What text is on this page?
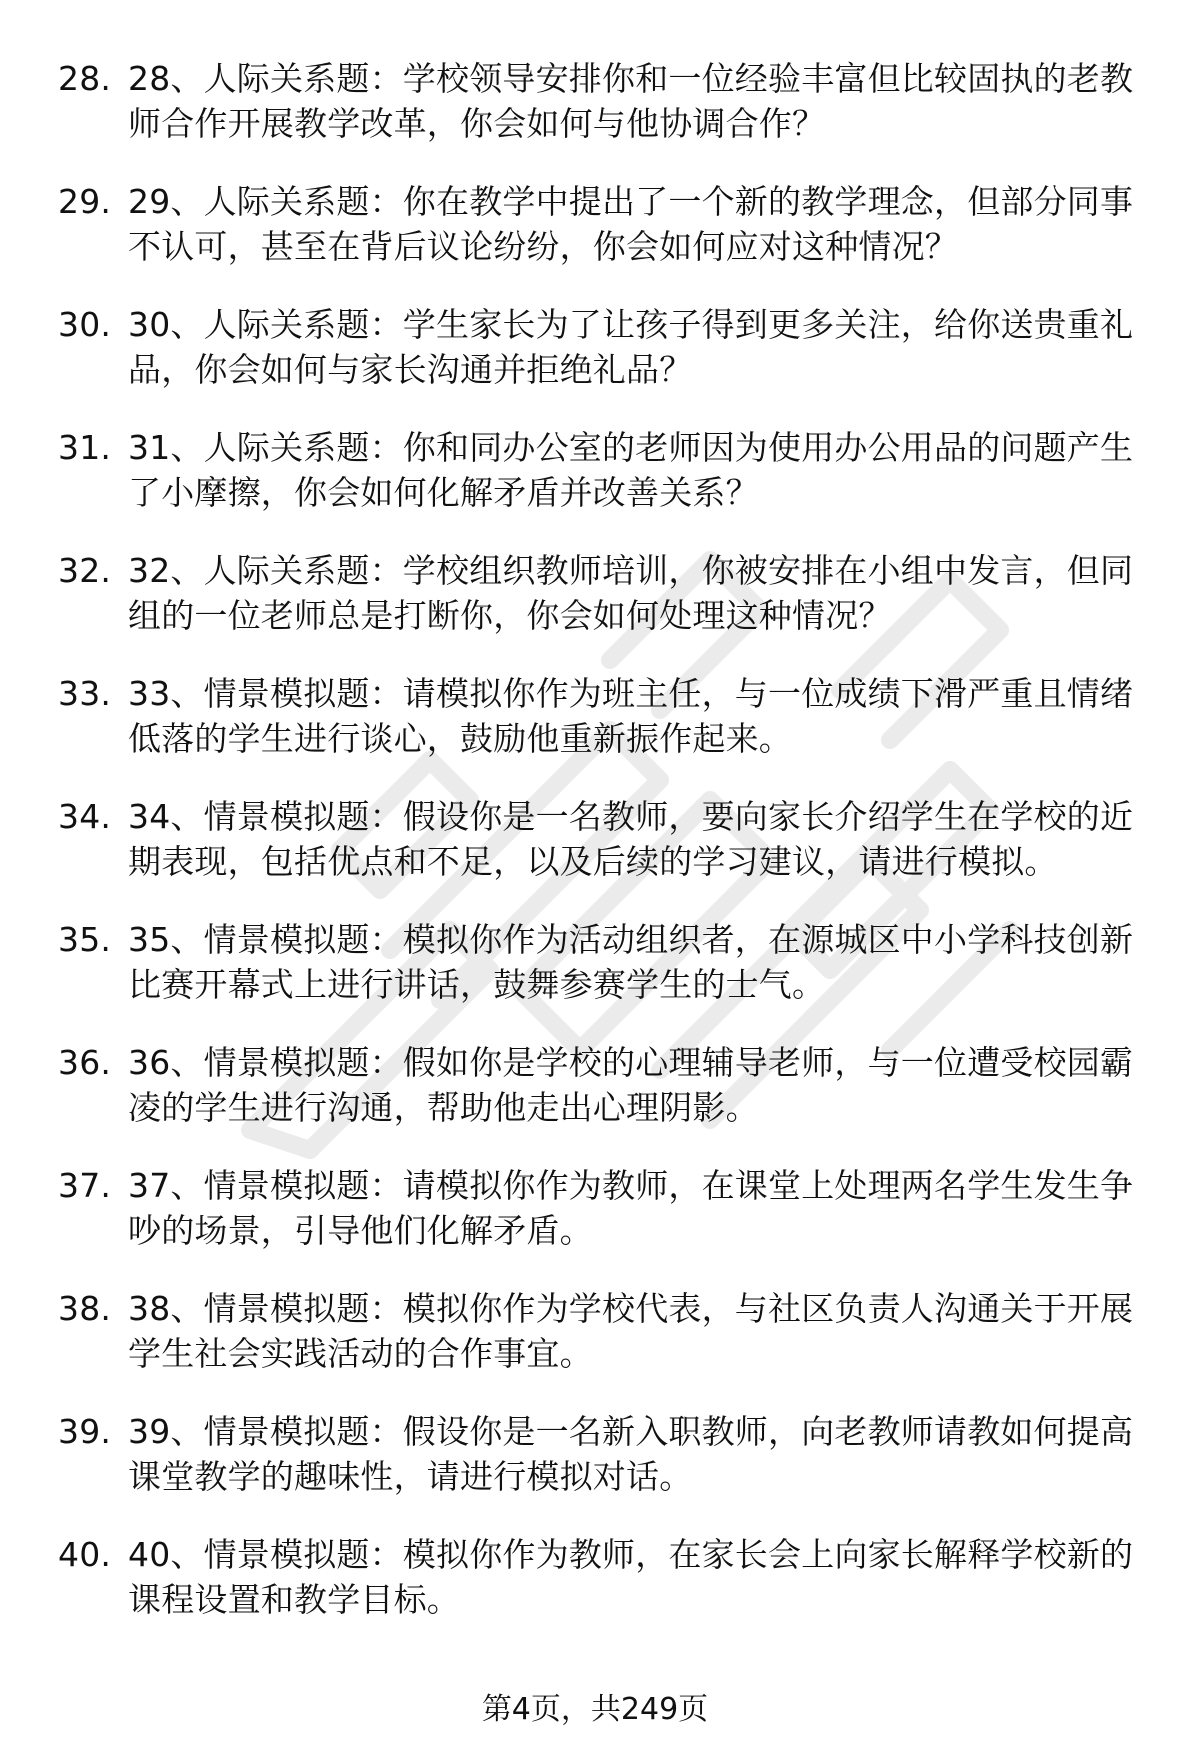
28. 28、人际关系题：学校领导安排你和一位经验丰富但比较固执的老教师合作开展教学改革，你会如何与他协调合作？
29. 29、人际关系题：你在教学中提出了一个新的教学理念，但部分同事不认可，甚至在背后议论纷纷，你会如何应对这种情况？
30. 30、人际关系题：学生家长为了让孩子得到更多关注，给你送贵重礼品，你会如何与家长沟通并拒绝礼品？
31. 31、人际关系题：你和同办公室的老师因为使用办公用品的问题产生了小摩擦，你会如何化解矛盾并改善关系？
32. 32、人际关系题：学校组织教师培训，你被安排在小组中发言，但同组的一位老师总是打断你，你会如何处理这种情况？
33. 33、情景模拟题：请模拟你作为班主任，与一位成绩下滑严重且情绪低落的学生进行谈心，鼓励他重新振作起来。
34. 34、情景模拟题：假设你是一名教师，要向家长介绍学生在学校的近期表现，包括优点和不足，以及后续的学习建议，请进行模拟。
35. 35、情景模拟题：模拟你作为活动组织者，在源城区中小学科技创新比赛开幕式上进行讲话，鼓舞参赛学生的士气。
36. 36、情景模拟题：假如你是学校的心理辅导老师，与一位遭受校园霸凌的学生进行沟通，帮助他走出心理阴影。
37. 37、情景模拟题：请模拟你作为教师，在课堂上处理两名学生发生争吵的场景，引导他们化解矛盾。
38. 38、情景模拟题：模拟你作为学校代表，与社区负责人沟通关于开展学生社会实践活动的合作事宜。
39. 39、情景模拟题：假设你是一名新入职教师，向老教师请教如何提高课堂教学的趣味性，请进行模拟对话。
40. 40、情景模拟题：模拟你作为教师，在家长会上向家长解释学校新的课程设置和教学目标。
第4页，共249页
